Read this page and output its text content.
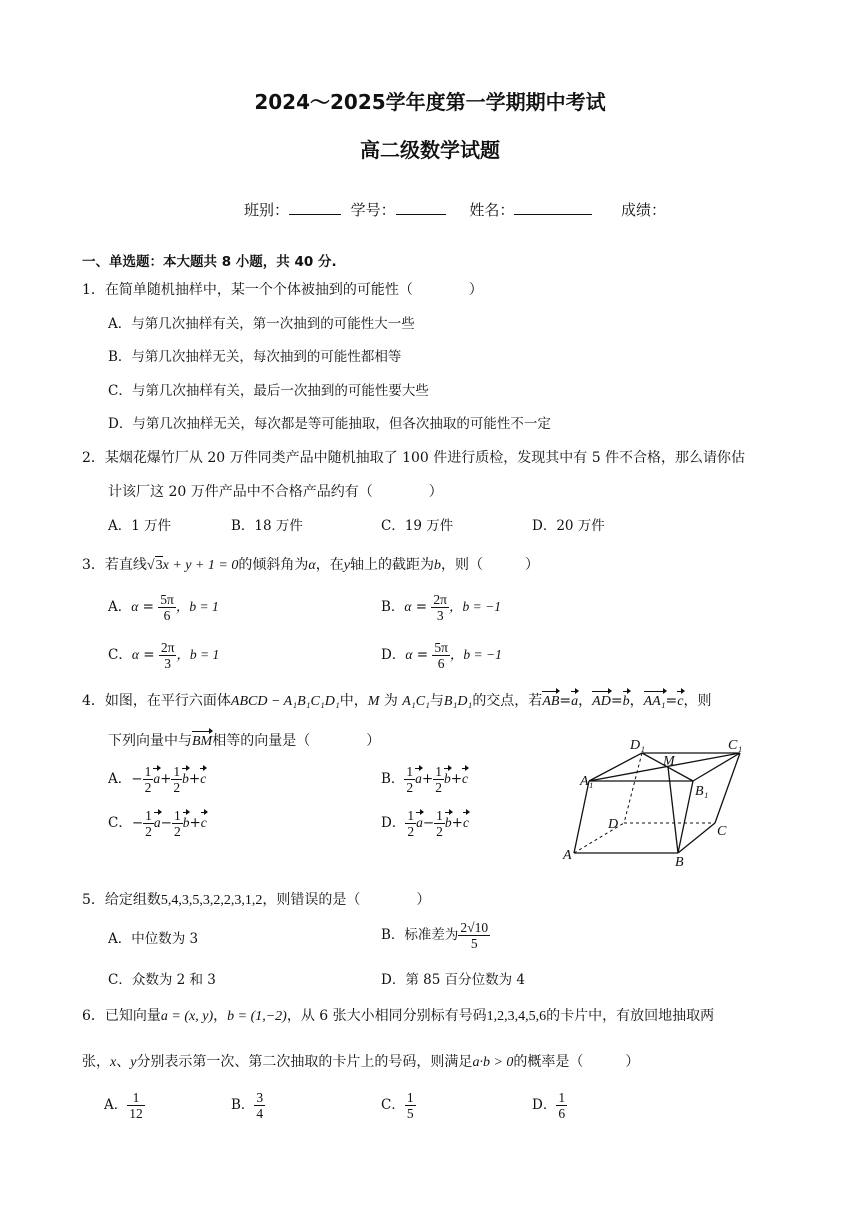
2024～2025学年度第一学期期中考试
高二级数学试题
班别：	学号：	姓名：	成绩：
一、单选题：本大题共 8 小题，共 40 分.
1．在简单随机抽样中，某一个个体被抽到的可能性（　　　　）
A．与第几次抽样有关，第一次抽到的可能性大一些
B．与第几次抽样无关，每次抽到的可能性都相等
C．与第几次抽样有关，最后一次抽到的可能性要大些
D．与第几次抽样无关，每次都是等可能抽取，但各次抽取的可能性不一定
2．某烟花爆竹厂从 20 万件同类产品中随机抽取了 100 件进行质检，发现其中有 5 件不合格，那么请你估
计该厂这 20 万件产品中不合格产品约有（　　　　）
A．1 万件	B．18 万件	C．19 万件	D．20 万件
3．若直线√3x + y + 1 = 0的倾斜角为α，在y轴上的截距为b，则（　　　）
A．$\alpha = \frac{5\pi}{6}$ ，b = 1	B．$\alpha = \frac{2\pi}{3}$ ，b = −1
C．$\alpha = \frac{2\pi}{3}$ ，b = 1	D．$\alpha = \frac{5\pi}{6}$ ，b = −1
4．如图，在平行六面体ABCD − A₁B₁C₁D₁中，M 为 A₁C₁与B₁D₁的交点，若AB=a，AD=b，AA₁=c，则
下列向量中与BM相等的向量是（　　　　）
A．− $\frac{1}{2} a+ \frac{1}{2} b+c$	B． $\frac{1}{2} a+ \frac{1}{2} b+c$
C．− $\frac{1}{2} a- \frac{1}{2} b+c$	D． $\frac{1}{2} a- \frac{1}{2} b+c$
D₁	C₁
M
A₁
B₁
D	C
A	B
5．给定组数5,4,3,5,3,2,2,3,1,2，则错误的是（　　　　）
A．中位数为 3	B．标准差为 $\frac{2√10}{5}$
C．众数为 2 和 3	D．第 85 百分位数为 4
6．已知向量a = (x, y)，b = (1,−2)，从 6 张大小相同分别标有号码1,2,3,4,5,6的卡片中，有放回地抽取两
张，x、y分别表示第一次、第二次抽取的卡片上的号码，则满足a·b > 0的概率是（　　　）
A． $\frac{1}{12}$	B． $\frac{3}{4}$	C． $\frac{1}{5}$	D． $\frac{1}{6}$
